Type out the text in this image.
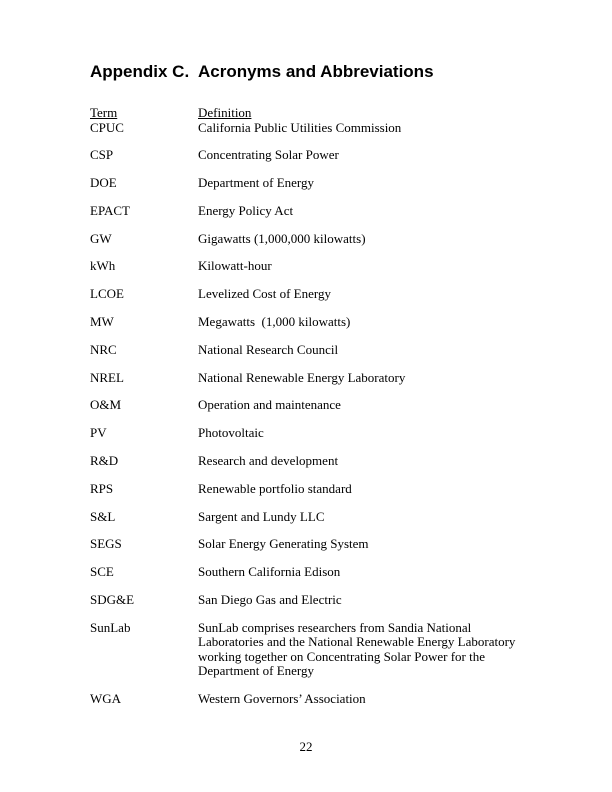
Appendix C.  Acronyms and Abbreviations
Term	Definition
CPUC	California Public Utilities Commission
CSP	Concentrating Solar Power
DOE	Department of Energy
EPACT	Energy Policy Act
GW	Gigawatts (1,000,000 kilowatts)
kWh	Kilowatt-hour
LCOE	Levelized Cost of Energy
MW	Megawatts  (1,000 kilowatts)
NRC	National Research Council
NREL	National Renewable Energy Laboratory
O&M	Operation and maintenance
PV	Photovoltaic
R&D	Research and development
RPS	Renewable portfolio standard
S&L	Sargent and Lundy LLC
SEGS	Solar Energy Generating System
SCE	Southern California Edison
SDG&E	San Diego Gas and Electric
SunLab	SunLab comprises researchers from Sandia National Laboratories and the National Renewable Energy Laboratory working together on Concentrating Solar Power for the Department of Energy
WGA	Western Governors’ Association
22
